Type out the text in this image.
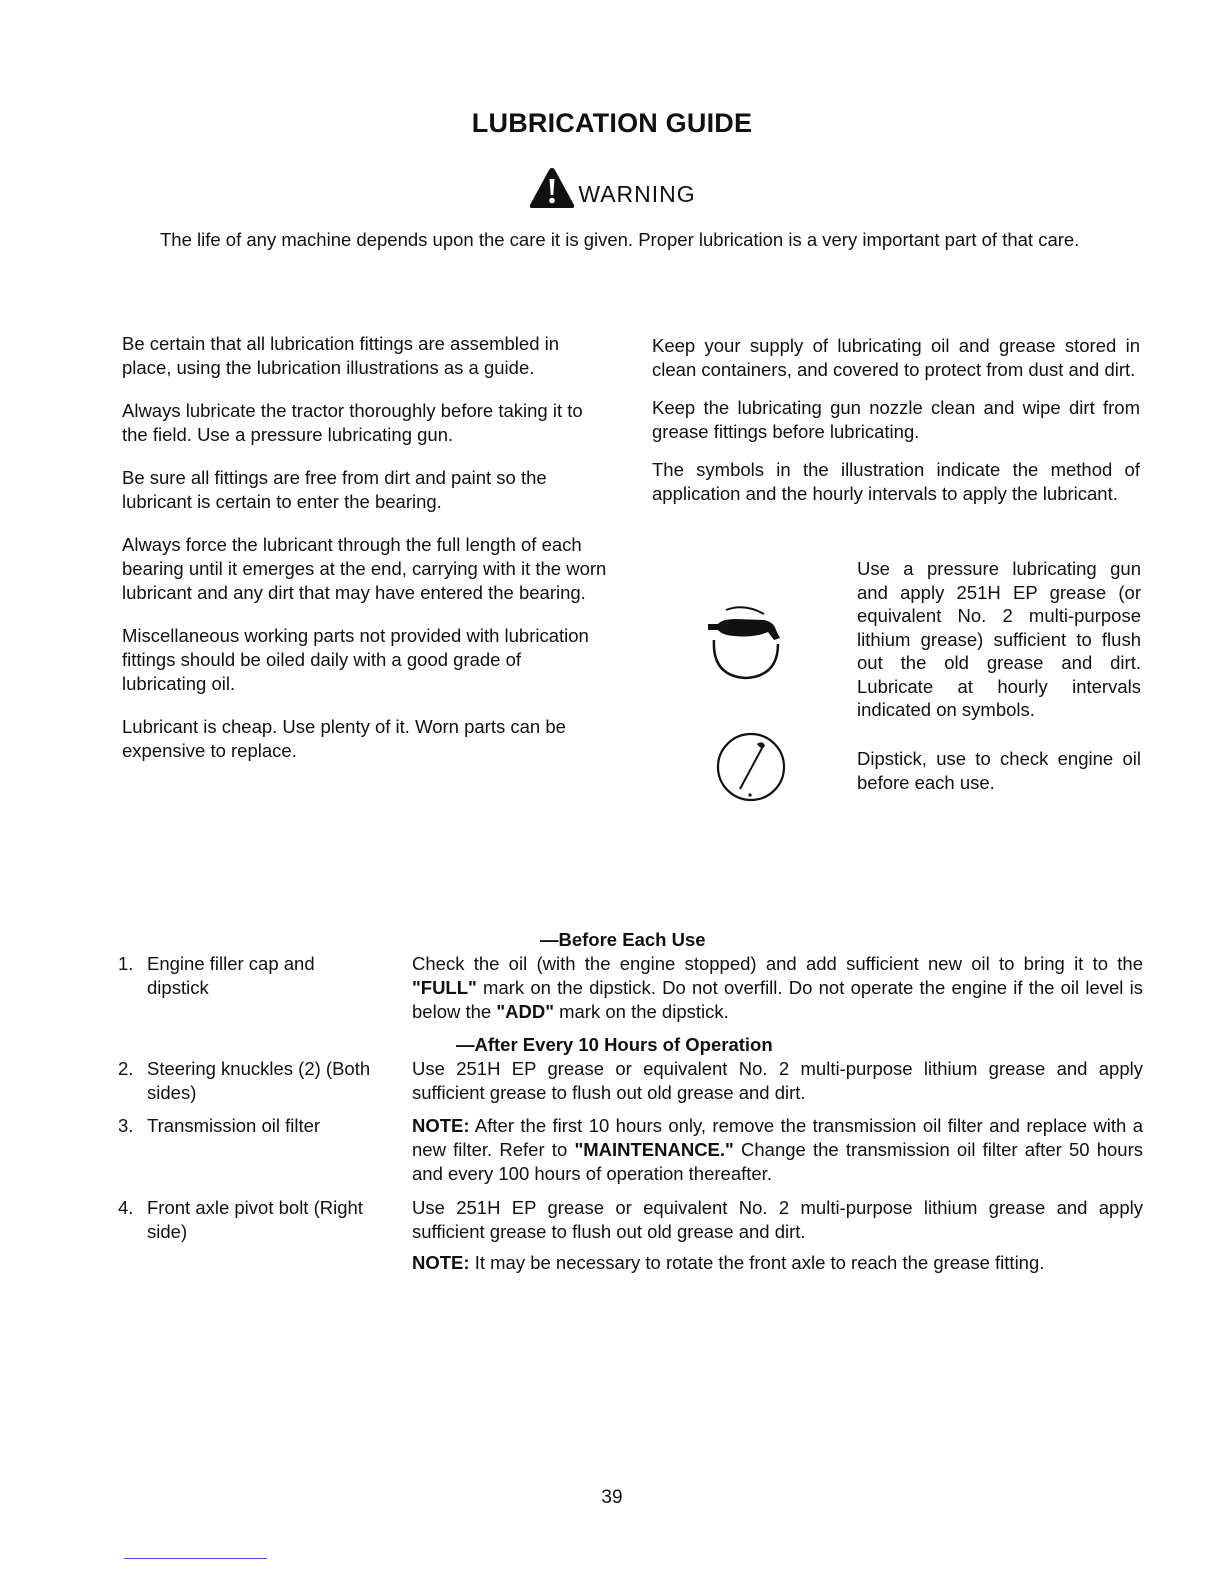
LUBRICATION GUIDE
WARNING
The life of any machine depends upon the care it is given. Proper lubrication is a very important part of that care.

Be certain that all lubrication fittings are assembled in place, using the lubrication illustrations as a guide.

Always lubricate the tractor thoroughly before taking it to the field. Use a pressure lubricating gun.

Be sure all fittings are free from dirt and paint so the lubricant is certain to enter the bearing.

Always force the lubricant through the full length of each bearing until it emerges at the end, carrying with it the worn lubricant and any dirt that may have entered the bearing.

Miscellaneous working parts not provided with lubrication fittings should be oiled daily with a good grade of lubricating oil.

Lubricant is cheap. Use plenty of it. Worn parts can be expensive to replace.

Keep your supply of lubricating oil and grease stored in clean containers, and covered to protect from dust and dirt.

Keep the lubricating gun nozzle clean and wipe dirt from grease fittings before lubricating.

The symbols in the illustration indicate the method of application and the hourly intervals to apply the lubricant.

Use a pressure lubricating gun and apply 251H EP grease (or equivalent No. 2 multi-purpose lithium grease) sufficient to flush out the old grease and dirt. Lubricate at hourly intervals indicated on symbols.
Dipstick, use to check engine oil before each use.
—Before Each Use
1. Engine filler cap and dipstick
Check the oil (with the engine stopped) and add sufficient new oil to bring it to the "FULL" mark on the dipstick. Do not overfill. Do not operate the engine if the oil level is below the "ADD" mark on the dipstick.
—After Every 10 Hours of Operation
2. Steering knuckles (2) (Both sides)
Use 251H EP grease or equivalent No. 2 multi-purpose lithium grease and apply sufficient grease to flush out old grease and dirt.
3. Transmission oil filter	NOTE: After the first 10 hours only, remove the transmission oil filter and replace with a new filter. Refer to "MAINTENANCE." Change the transmission oil filter after 50 hours and every 100 hours of operation thereafter.
4. Front axle pivot bolt (Right side)
Use 251H EP grease or equivalent No. 2 multi-purpose lithium grease and apply sufficient grease to flush out old grease and dirt.
NOTE: It may be necessary to rotate the front axle to reach the grease fitting.
39
